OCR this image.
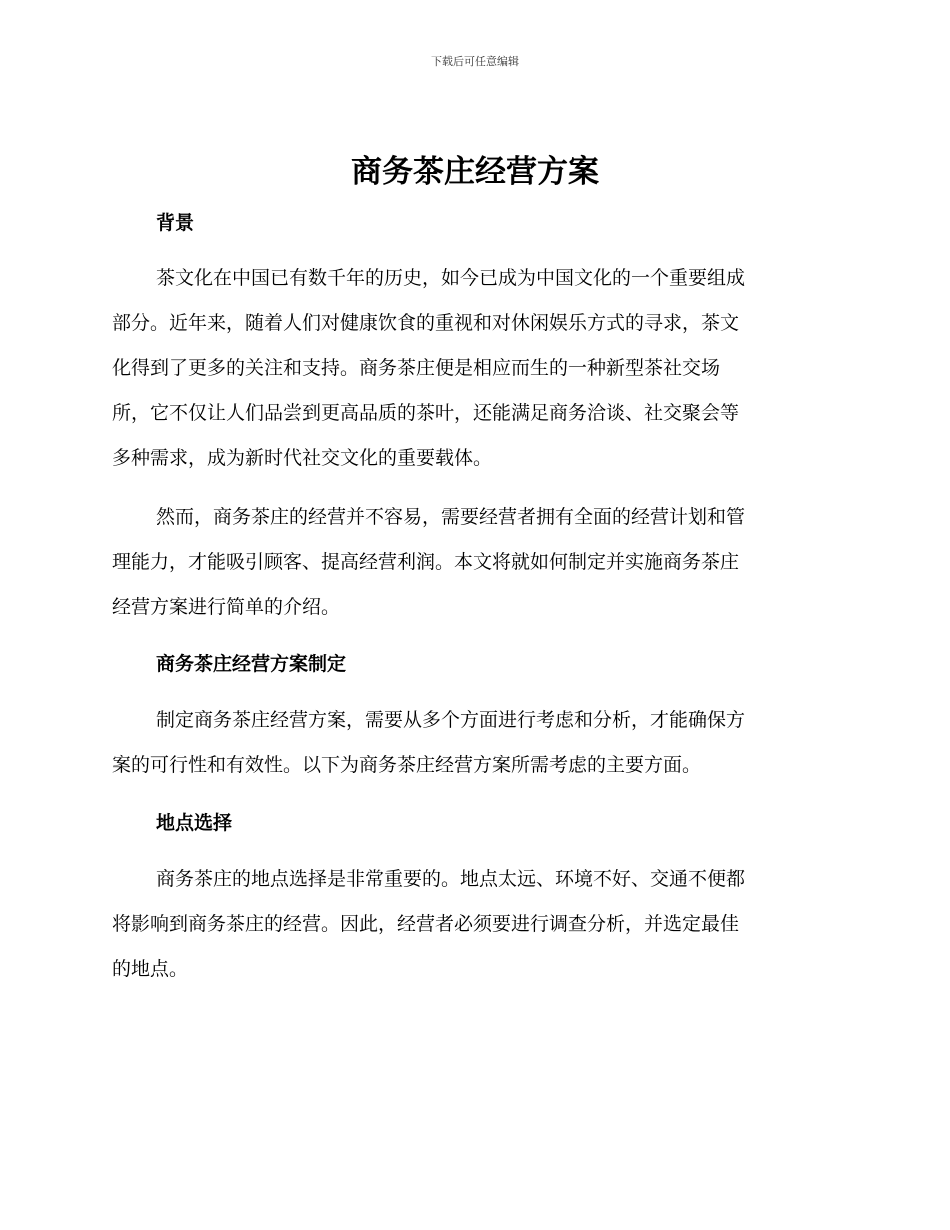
下载后可任意编辑
商务茶庄经营方案
背景

茶文化在中国已有数千年的历史，如今已成为中国文化的一个重要组成
部分。近年来，随着人们对健康饮食的重视和对休闲娱乐方式的寻求，茶文
化得到了更多的关注和支持。商务茶庄便是相应而生的一种新型茶社交场
所，它不仅让人们品尝到更高品质的茶叶，还能满足商务洽谈、社交聚会等
多种需求，成为新时代社交文化的重要载体。

然而，商务茶庄的经营并不容易，需要经营者拥有全面的经营计划和管
理能力，才能吸引顾客、提高经营利润。本文将就如何制定并实施商务茶庄
经营方案进行简单的介绍。

商务茶庄经营方案制定

制定商务茶庄经营方案，需要从多个方面进行考虑和分析，才能确保方
案的可行性和有效性。以下为商务茶庄经营方案所需考虑的主要方面。

地点选择

商务茶庄的地点选择是非常重要的。地点太远、环境不好、交通不便都
将影响到商务茶庄的经营。因此，经营者必须要进行调查分析，并选定最佳
的地点。
